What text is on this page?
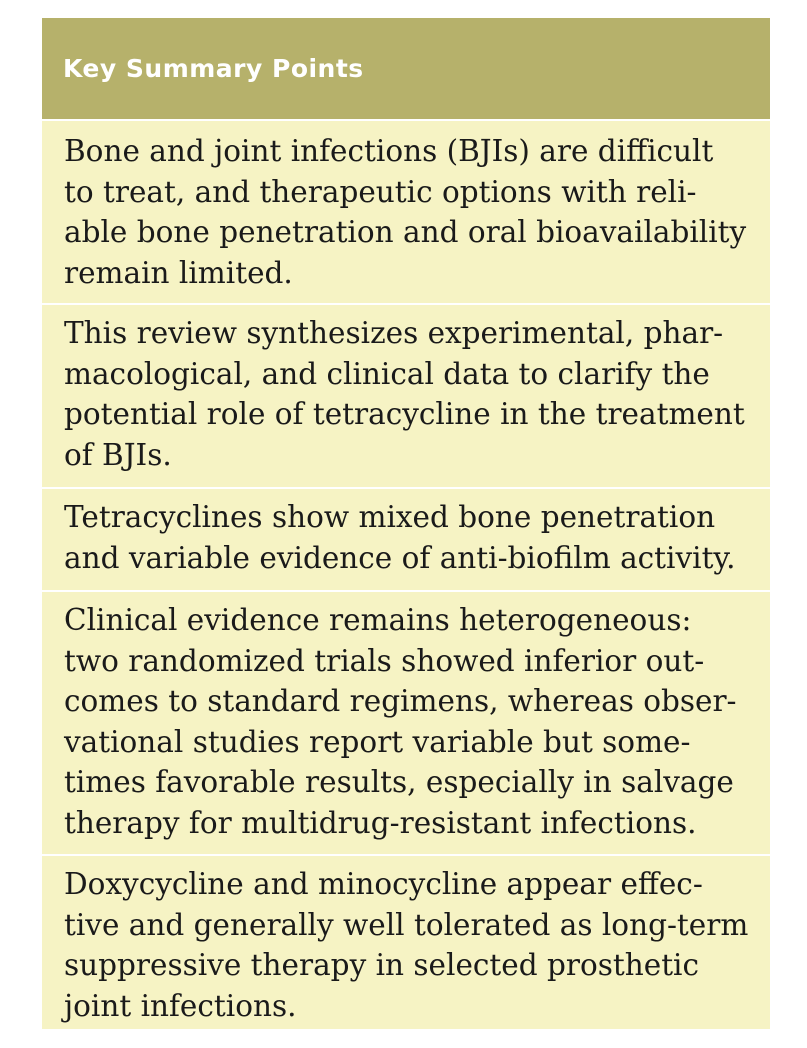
Key Summary Points
Bone and joint infections (BJIs) are difficult
to treat, and therapeutic options with reli-
able bone penetration and oral bioavailability
remain limited.
This review synthesizes experimental, phar-
macological, and clinical data to clarify the
potential role of tetracycline in the treatment
of BJIs.
Tetracyclines show mixed bone penetration
and variable evidence of anti-biofilm activity.
Clinical evidence remains heterogeneous:
two randomized trials showed inferior out-
comes to standard regimens, whereas obser-
vational studies report variable but some-
times favorable results, especially in salvage
therapy for multidrug-resistant infections.
Doxycycline and minocycline appear effec-
tive and generally well tolerated as long-term
suppressive therapy in selected prosthetic
joint infections.
